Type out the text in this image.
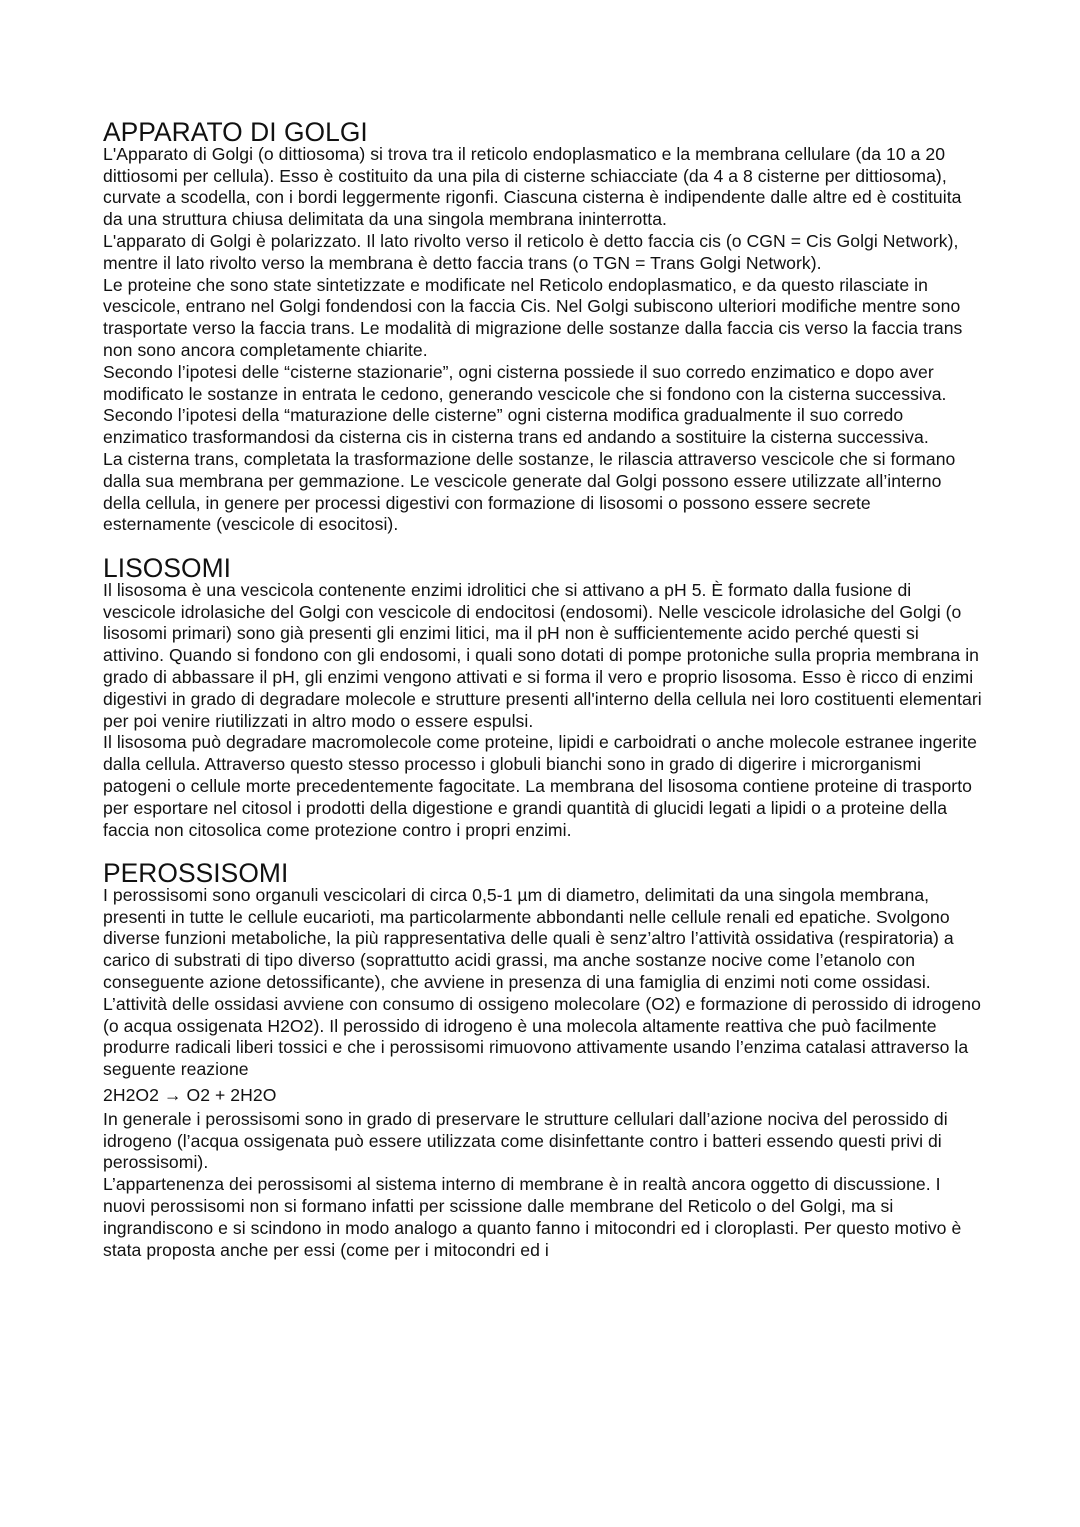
APPARATO DI GOLGI

L'Apparato di Golgi (o dittiosoma) si trova tra il reticolo endoplasmatico e la membrana cellulare (da 10 a 20 dittiosomi per cellula). Esso è costituito da una pila di cisterne schiacciate (da 4 a 8 cisterne per dittiosoma), curvate a scodella, con i bordi leggermente rigonfi. Ciascuna cisterna è indipendente dalle altre ed è costituita da una struttura chiusa delimitata da una singola membrana ininterrotta.

L'apparato di Golgi è polarizzato. Il lato rivolto verso il reticolo è detto faccia cis (o CGN = Cis Golgi Network), mentre il lato rivolto verso la membrana è detto faccia trans (o TGN = Trans Golgi Network).

Le proteine che sono state sintetizzate e modificate nel Reticolo endoplasmatico, e da questo rilasciate in vescicole, entrano nel Golgi fondendosi con la faccia Cis. Nel Golgi subiscono ulteriori modifiche mentre sono trasportate verso la faccia trans. Le modalità di migrazione delle sostanze dalla faccia cis verso la faccia trans non sono ancora completamente chiarite.

Secondo l’ipotesi delle “cisterne stazionarie”, ogni cisterna possiede il suo corredo enzimatico e dopo aver modificato le sostanze in entrata le cedono, generando vescicole che si fondono con la cisterna successiva.

Secondo l’ipotesi della “maturazione delle cisterne” ogni cisterna modifica gradualmente il suo corredo enzimatico trasformandosi da cisterna cis in cisterna trans ed andando a sostituire la cisterna successiva.

La cisterna trans, completata la trasformazione delle sostanze, le rilascia attraverso vescicole che si formano dalla sua membrana per gemmazione. Le vescicole generate dal Golgi possono essere utilizzate all’interno della cellula, in genere per processi digestivi con formazione di lisosomi o possono essere secrete esternamente (vescicole di esocitosi).

LISOSOMI

Il lisosoma è una vescicola contenente enzimi idrolitici che si attivano a pH 5. È formato dalla fusione di vescicole idrolasiche del Golgi con vescicole di endocitosi (endosomi). Nelle vescicole idrolasiche del Golgi (o lisosomi primari) sono già presenti gli enzimi litici, ma il pH non è sufficientemente acido perché questi si attivino. Quando si fondono con gli endosomi, i quali sono dotati di pompe protoniche sulla propria membrana in grado di abbassare il pH, gli enzimi vengono attivati e si forma il vero e proprio lisosoma. Esso è ricco di enzimi digestivi in grado di degradare molecole e strutture presenti all'interno della cellula nei loro costituenti elementari per poi venire riutilizzati in altro modo o essere espulsi.

Il lisosoma può degradare macromolecole come proteine, lipidi e carboidrati o anche molecole estranee ingerite dalla cellula. Attraverso questo stesso processo i globuli bianchi sono in grado di digerire i microrganismi patogeni o cellule morte precedentemente fagocitate. La membrana del lisosoma contiene proteine di trasporto per esportare nel citosol i prodotti della digestione e grandi quantità di glucidi legati a lipidi o a proteine della faccia non citosolica come protezione contro i propri enzimi.

PEROSSISOMI

I perossisomi sono organuli vescicolari di circa 0,5-1 µm di diametro, delimitati da una singola membrana, presenti in tutte le cellule eucarioti, ma particolarmente abbondanti nelle cellule renali ed epatiche. Svolgono diverse funzioni metaboliche, la più rappresentativa delle quali è senz’altro l’attività ossidativa (respiratoria) a carico di substrati di tipo diverso (soprattutto acidi grassi, ma anche sostanze nocive come l’etanolo con conseguente azione detossificante), che avviene in presenza di una famiglia di enzimi noti come ossidasi. L’attività delle ossidasi avviene con consumo di ossigeno molecolare (O2) e formazione di perossido di idrogeno (o acqua ossigenata H2O2). Il perossido di idrogeno è una molecola altamente reattiva che può facilmente produrre radicali liberi tossici e che i perossisomi rimuovono attivamente usando l’enzima catalasi attraverso la seguente reazione

2H2O2 → O2 + 2H2O

In generale i perossisomi sono in grado di preservare le strutture cellulari dall’azione nociva del perossido di idrogeno (l’acqua ossigenata può essere utilizzata come disinfettante contro i batteri essendo questi privi di perossisomi).

L’appartenenza dei perossisomi al sistema interno di membrane è in realtà ancora oggetto di discussione. I nuovi perossisomi non si formano infatti per scissione dalle membrane del Reticolo o del Golgi, ma si ingrandiscono e si scindono in modo analogo a quanto fanno i mitocondri ed i cloroplasti. Per questo motivo è stata proposta anche per essi (come per i mitocondri ed i
